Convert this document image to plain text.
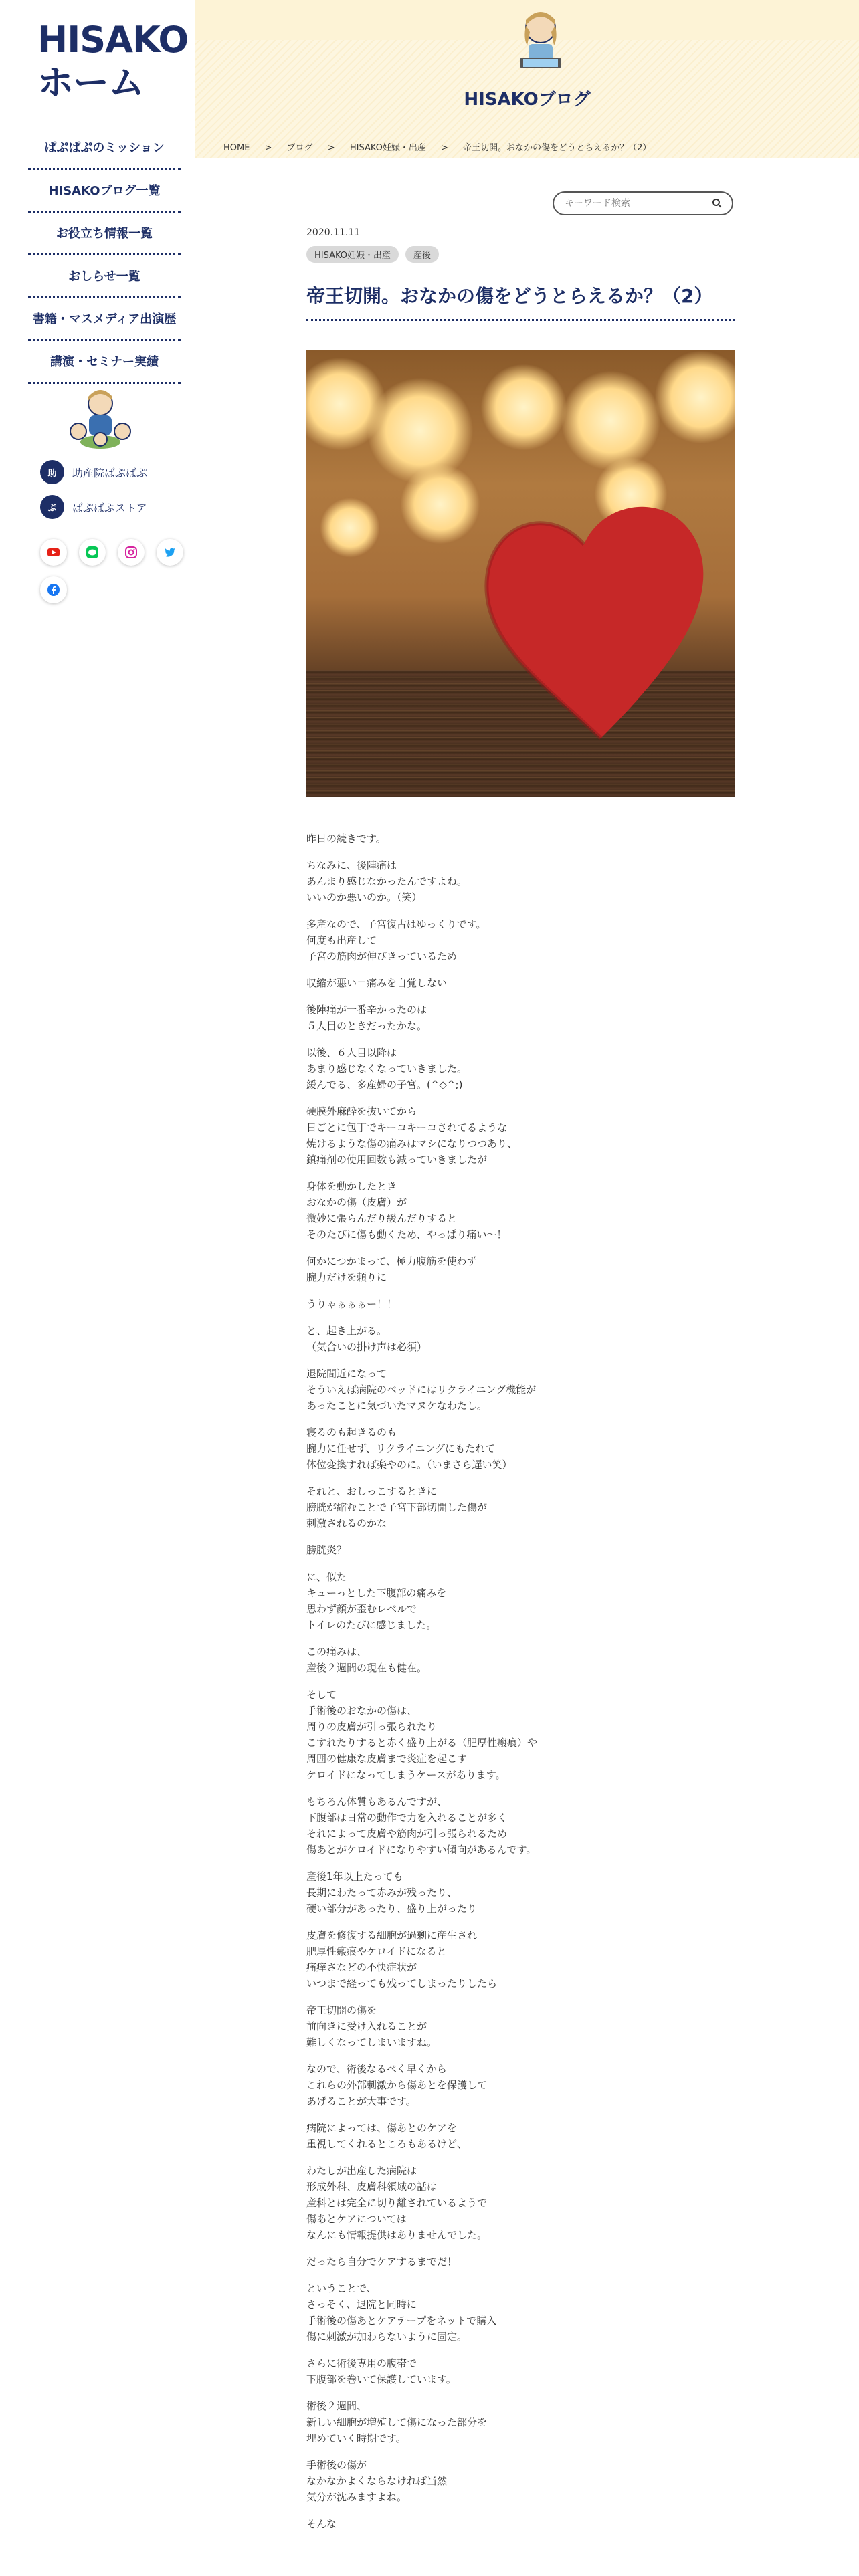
HISAKO
ホーム
ぱぷぱぷのミッション
HISAKOブログ一覧
お役立ち情報一覧
おしらせ一覧
書籍・マスメディア出演歴
講演・セミナー実績
助	助産院ばぷばぷ
ぷ	ばぷばぷストア
HISAKOブログ
HOME > ブログ > HISAKO妊娠・出産 > 帝王切開。おなかの傷をどうとらえるか？（2）
キーワード検索
2020.11.11
HISAKO妊娠・出産	産後
帝王切開。おなかの傷をどうとらえるか？（2）

昨日の続きです。

ちなみに、後陣痛は
あんまり感じなかったんですよね。
いいのか悪いのか。（笑）

多産なので、子宮復古はゆっくりです。
何度も出産して
子宮の筋肉が伸びきっているため

収縮が悪い＝痛みを自覚しない

後陣痛が一番辛かったのは
５人目のときだったかな。

以後、６人目以降は
あまり感じなくなっていきました。
緩んでる、多産婦の子宮。(^◇^;)

硬膜外麻酔を抜いてから
日ごとに包丁でキーコキーコされてるような
焼けるような傷の痛みはマシになりつつあり、
鎮痛剤の使用回数も減っていきましたが

身体を動かしたとき
おなかの傷（皮膚）が
微妙に張らんだり緩んだりすると
そのたびに傷も動くため、やっぱり痛い〜！

何かにつかまって、極力腹筋を使わず
腕力だけを頼りに

うりゃぁぁぁー！！

と、起き上がる。
（気合いの掛け声は必須）

退院間近になって
そういえば病院のベッドにはリクライニング機能が
あったことに気づいたマヌケなわたし。

寝るのも起きるのも
腕力に任せず、リクライニングにもたれて
体位変換すれば楽やのに。（いまさら遅い笑）

それと、おしっこするときに
膀胱が縮むことで子宮下部切開した傷が
刺激されるのかな

膀胱炎？

に、似た
キューっとした下腹部の痛みを
思わず顔が歪むレベルで
トイレのたびに感じました。

この痛みは、
産後２週間の現在も健在。

そして
手術後のおなかの傷は、
周りの皮膚が引っ張られたり
こすれたりすると赤く盛り上がる（肥厚性瘢痕）や
周囲の健康な皮膚まで炎症を起こす
ケロイドになってしまうケースがあります。

もちろん体質もあるんですが、
下腹部は日常の動作で力を入れることが多く
それによって皮膚や筋肉が引っ張られるため
傷あとがケロイドになりやすい傾向があるんです。

産後1年以上たっても
長期にわたって赤みが残ったり、
硬い部分があったり、盛り上がったり

皮膚を修復する細胞が過剰に産生され
肥厚性瘢痕やケロイドになると
痛痒さなどの不快症状が
いつまで経っても残ってしまったりしたら

帝王切開の傷を
前向きに受け入れることが
難しくなってしまいますね。

なので、術後なるべく早くから
これらの外部刺激から傷あとを保護して
あげることが大事です。

病院によっては、傷あとのケアを
重視してくれるところもあるけど、

わたしが出産した病院は
形成外科、皮膚科領域の話は
産科とは完全に切り離されているようで
傷あとケアについては
なんにも情報提供はありませんでした。

だったら自分でケアするまでだ！

ということで、
さっそく、退院と同時に
手術後の傷あとケアテープをネットで購入
傷に刺激が加わらないように固定。

さらに術後専用の腹帯で
下腹部を巻いて保護しています。

術後２週間、
新しい細胞が増殖して傷になった部分を
埋めていく時期です。

手術後の傷が
なかなかよくならなければ当然
気分が沈みますよね。

そんな
